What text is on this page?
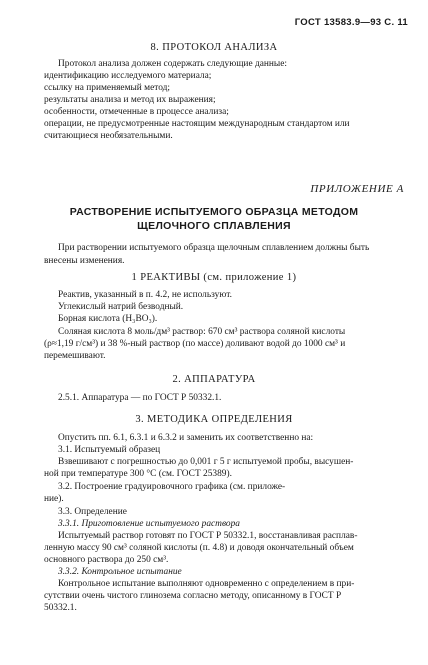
ГОСТ 13583.9—93 С. 11
8. ПРОТОКОЛ АНАЛИЗА
Протокол анализа должен содержать следующие данные:
идентификацию исследуемого материала;
ссылку на применяемый метод;
результаты анализа и метод их выражения;
особенности, отмеченные в процессе анализа;
операции, не предусмотренные настоящим международным стандартом или
считающиеся необязательными.
ПРИЛОЖЕНИЕ А
РАСТВОРЕНИЕ ИСПЫТУЕМОГО ОБРАЗЦА МЕТОДОМ
ЩЕЛОЧНОГО СПЛАВЛЕНИЯ
При растворении испытуемого образца щелочным сплавлением должны быть
внесены изменения.
1 РЕАКТИВЫ (см. приложение 1)
Реактив, указанный в п. 4.2, не используют.
Углекислый натрий безводный.
Борная кислота (H₃BO₃).
Соляная кислота 8 моль/дм³ раствор: 670 см³ раствора соляной кислоты
(ρ≈1,19 г/см³) и 38 %-ный раствор (по массе) доливают водой до 1000 см³ и
перемешивают.
2. АППАРАТУРА
2.5.1. Аппаратура — по ГОСТ Р 50332.1.
3. МЕТОДИКА ОПРЕДЕЛЕНИЯ
Опустить пп. 6.1, 6.3.1 и 6.3.2 и заменить их соответственно на:
3.1. Испытуемый образец
Взвешивают с погрешностью до 0,001 г 5 г испытуемой пробы, высушен-
ной при температуре 300 °С (см. ГОСТ 25389).
3.2. Построение градуировочного графика (см. приложе-
ние).
3.3. Определение
3.3.1. Приготовление испытуемого раствора
Испытуемый раствор готовят по ГОСТ Р 50332.1, восстанавливая расплав-
ленную массу 90 см³ соляной кислоты (п. 4.8) и доводя окончательный объем
основного раствора до 250 см³.
3.3.2. Контрольное испытание
Контрольное испытание выполняют одновременно с определением в при-
сутствии очень чистого глинозема согласно методу, описанному в ГОСТ Р
50332.1.
